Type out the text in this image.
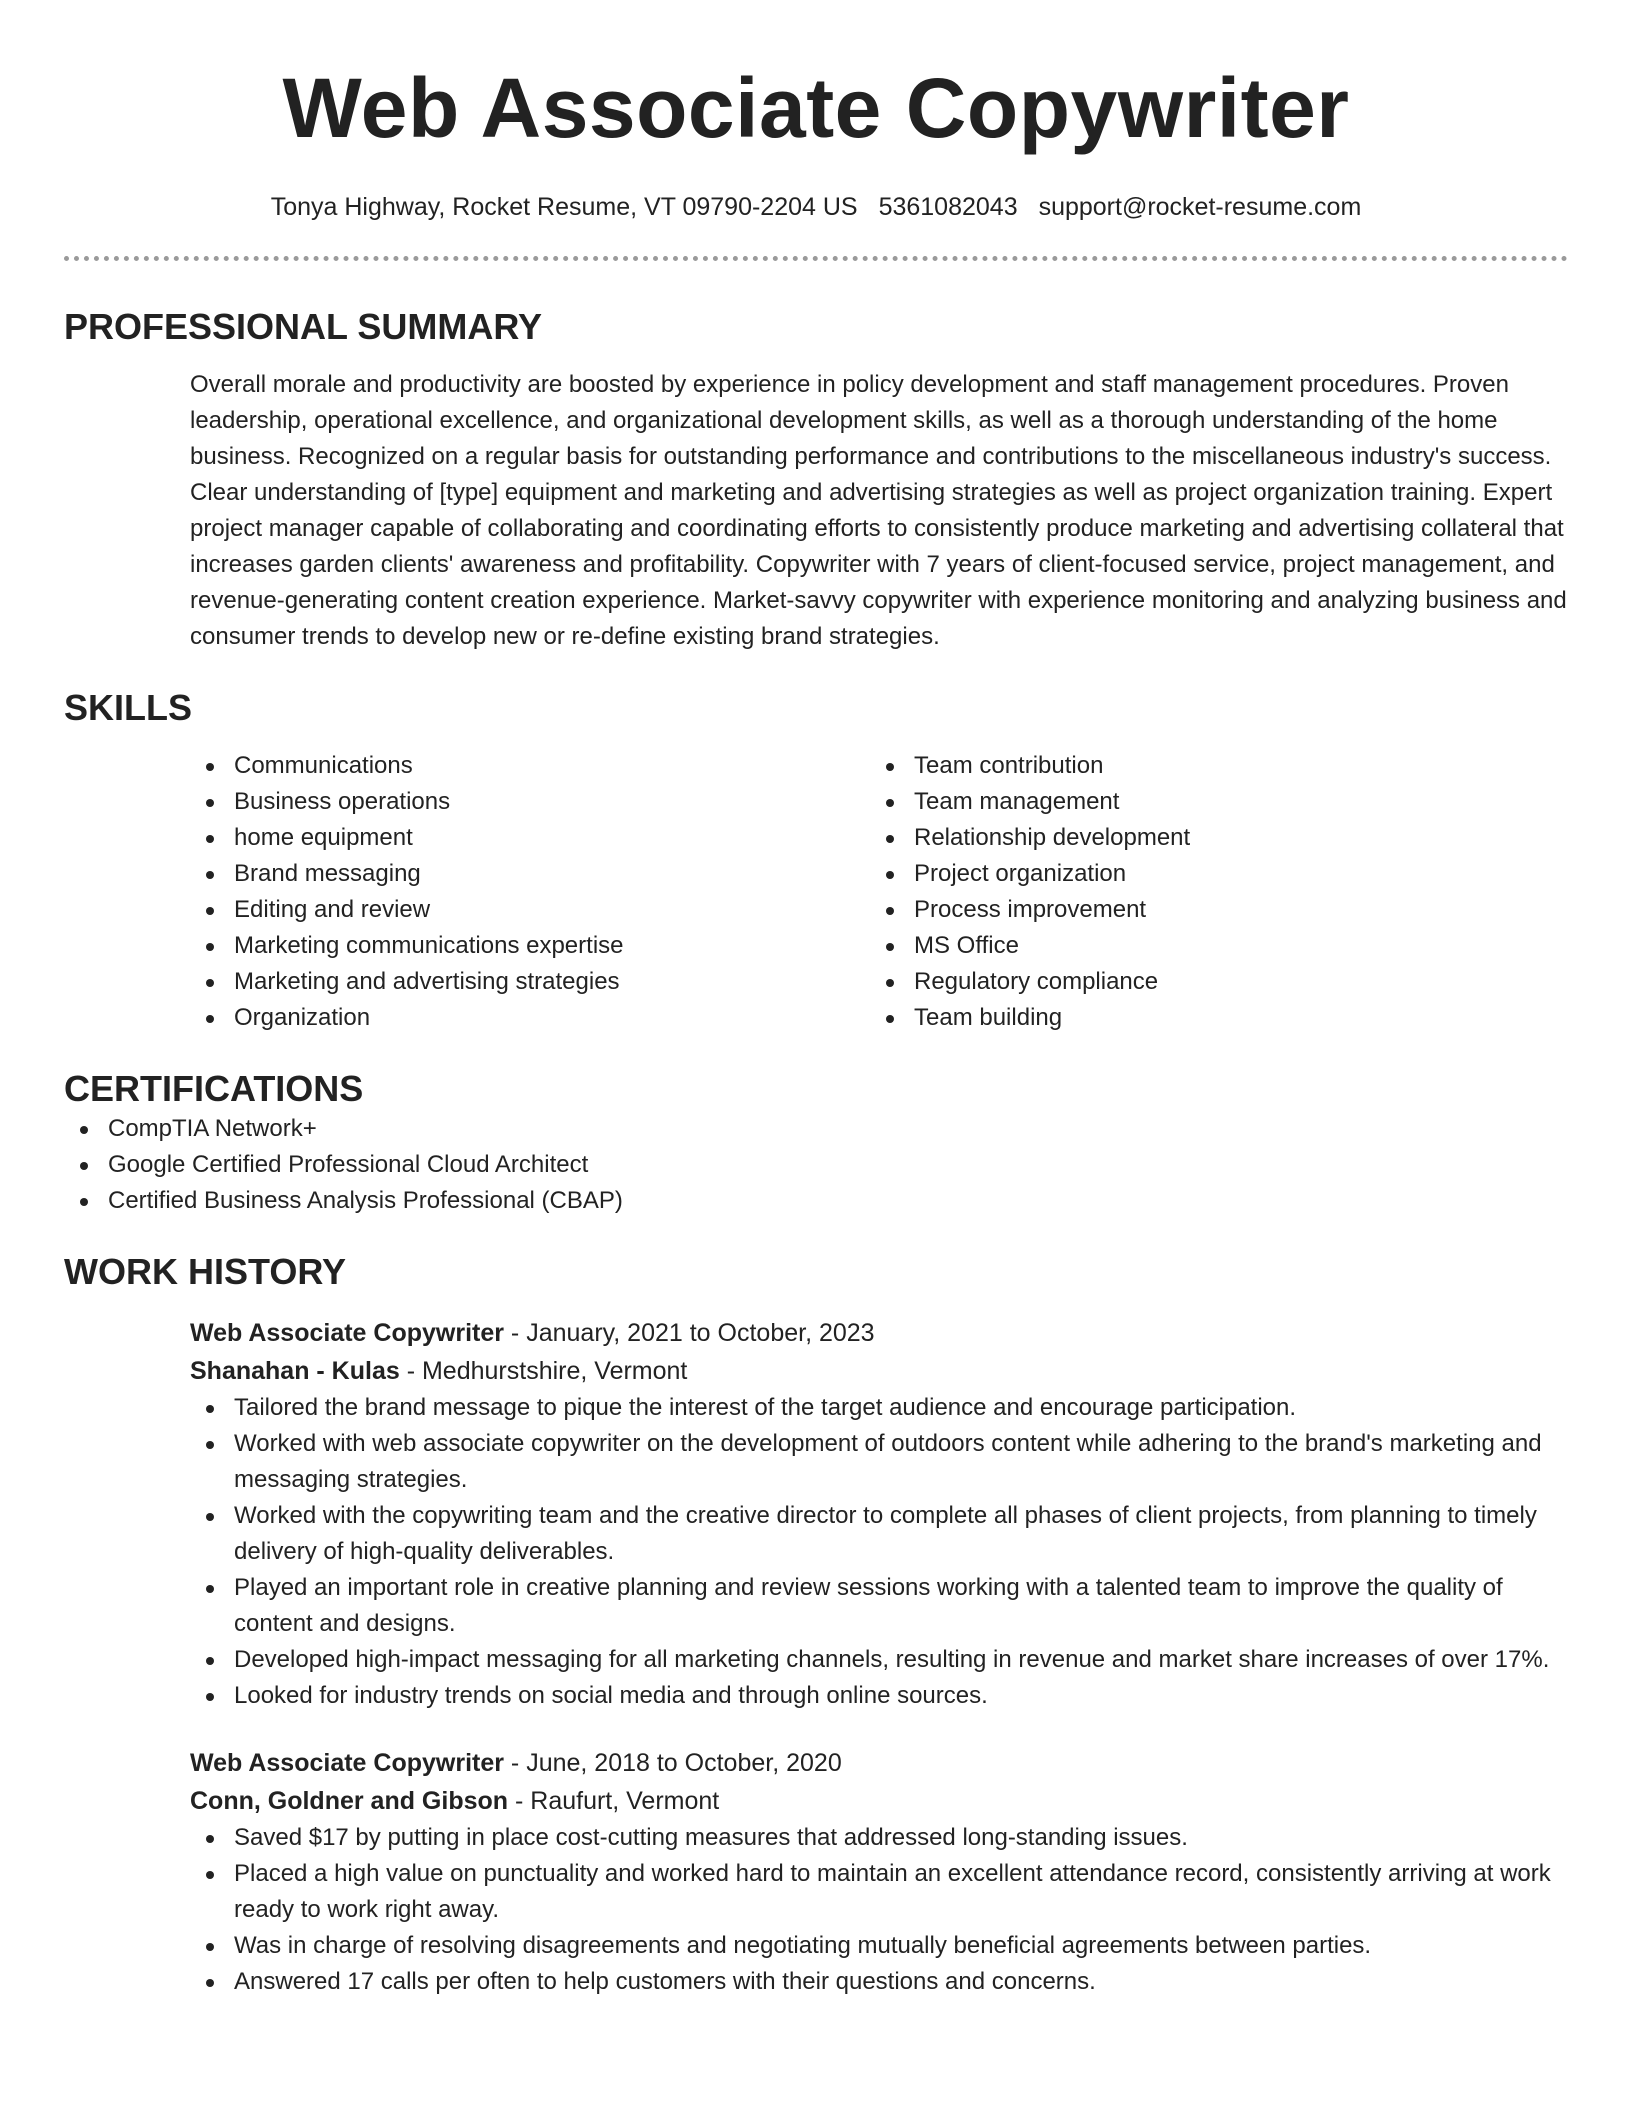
Web Associate Copywriter
Tonya Highway, Rocket Resume, VT 09790-2204 US 5361082043 support@rocket-resume.com
PROFESSIONAL SUMMARY

Overall morale and productivity are boosted by experience in policy development and staff management procedures. Proven leadership, operational excellence, and organizational development skills, as well as a thorough understanding of the home business. Recognized on a regular basis for outstanding performance and contributions to the miscellaneous industry's success. Clear understanding of [type] equipment and marketing and advertising strategies as well as project organization training. Expert project manager capable of collaborating and coordinating efforts to consistently produce marketing and advertising collateral that increases garden clients' awareness and profitability. Copywriter with 7 years of client-focused service, project management, and revenue-generating content creation experience. Market-savvy copywriter with experience monitoring and analyzing business and consumer trends to develop new or re-define existing brand strategies.

SKILLS
Communications
Business operations
home equipment
Brand messaging
Editing and review
Marketing communications expertise
Marketing and advertising strategies
Organization
Team contribution
Team management
Relationship development
Project organization
Process improvement
MS Office
Regulatory compliance
Team building
CERTIFICATIONS
CompTIA Network+
Google Certified Professional Cloud Architect
Certified Business Analysis Professional (CBAP)
WORK HISTORY
Web Associate Copywriter - January, 2021 to October, 2023
Shanahan - Kulas - Medhurstshire, Vermont
Tailored the brand message to pique the interest of the target audience and encourage participation.
Worked with web associate copywriter on the development of outdoors content while adhering to the brand's marketing and messaging strategies.
Worked with the copywriting team and the creative director to complete all phases of client projects, from planning to timely delivery of high-quality deliverables.
Played an important role in creative planning and review sessions working with a talented team to improve the quality of content and designs.
Developed high-impact messaging for all marketing channels, resulting in revenue and market share increases of over 17%.
Looked for industry trends on social media and through online sources.
Web Associate Copywriter - June, 2018 to October, 2020
Conn, Goldner and Gibson - Raufurt, Vermont
Saved $17 by putting in place cost-cutting measures that addressed long-standing issues.
Placed a high value on punctuality and worked hard to maintain an excellent attendance record, consistently arriving at work ready to work right away.
Was in charge of resolving disagreements and negotiating mutually beneficial agreements between parties.
Answered 17 calls per often to help customers with their questions and concerns.
